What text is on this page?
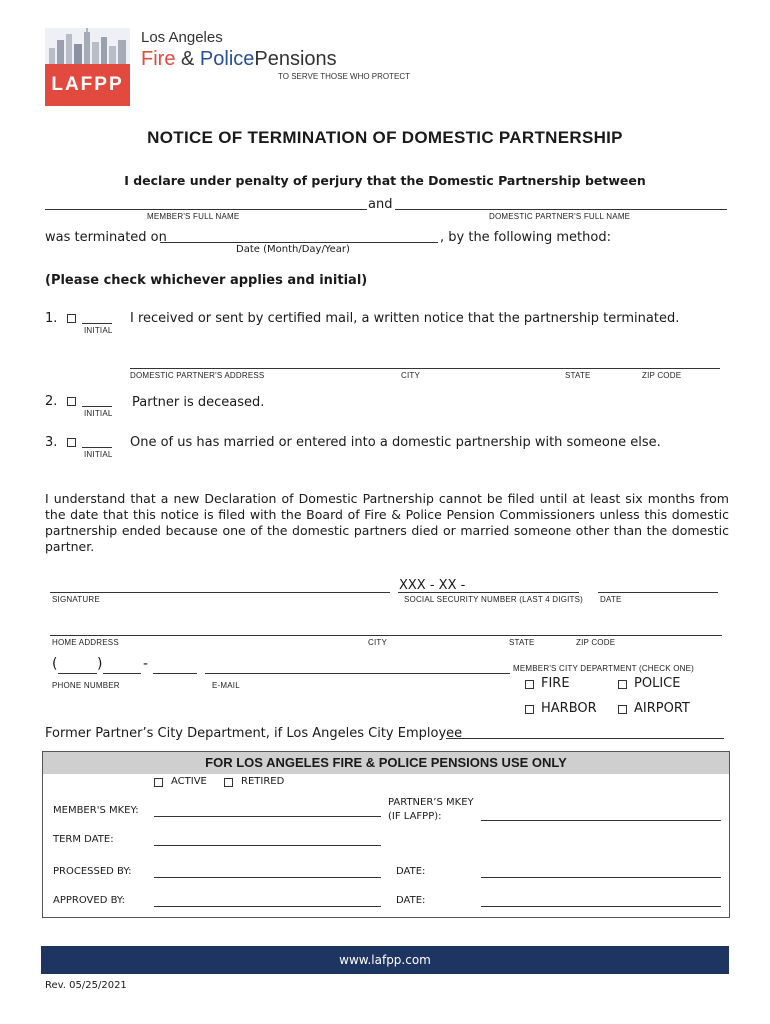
LAFPP
Los Angeles
Fire & PolicePensions
TO SERVE THOSE WHO PROTECT
NOTICE OF TERMINATION OF DOMESTIC PARTNERSHIP
I declare under penalty of perjury that the Domestic Partnership between
and
MEMBER'S FULL NAME	DOMESTIC PARTNER'S FULL NAME
was terminated on	, by the following method:
Date (Month/Day/Year)
(Please check whichever applies and initial)
1.
INITIAL
I received or sent by certified mail, a written notice that the partnership terminated.
DOMESTIC PARTNER'S ADDRESS	CITY	STATE	ZIP CODE
2.
INITIAL
Partner is deceased.
3.
INITIAL
One of us has married or entered into a domestic partnership with someone else.
I understand that a new Declaration of Domestic Partnership cannot be filed until at least six months from the date that this notice is filed with the Board of Fire & Police Pension Commissioners unless this domestic partnership ended because one of the domestic partners died or married someone other than the domestic partner.
XXX - XX -
SIGNATURE	SOCIAL SECURITY NUMBER (LAST 4 DIGITS) DATE
HOME ADDRESS	CITY	STATE	ZIP CODE
(	)	-	MEMBER'S CITY DEPARTMENT (CHECK ONE)
PHONE NUMBER	E-MAIL	FIRE	POLICE
HARBOR	AIRPORT
Former Partner’s City Department, if Los Angeles City Employee
FOR LOS ANGELES FIRE & POLICE PENSIONS USE ONLY
ACTIVE	RETIRED
MEMBER'S MKEY:
PARTNER’S MKEY
(IF LAFPP):
TERM DATE:
PROCESSED BY:	DATE:
APPROVED BY:	DATE:
www.lafpp.com
Rev. 05/25/2021
